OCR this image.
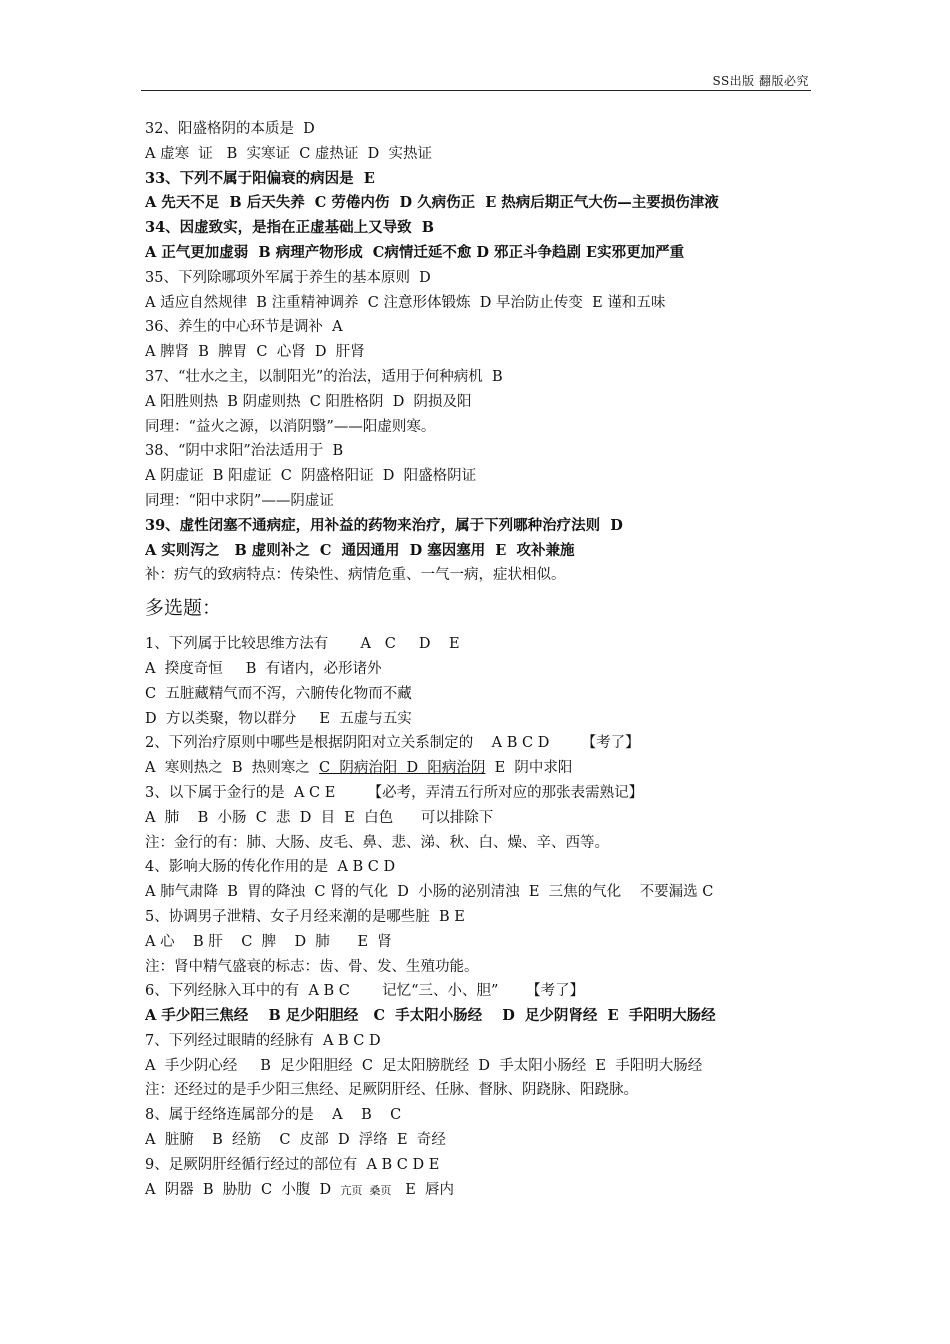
SS出版 翻版必究
32、阳盛格阴的本质是  D
A 虚寒  证   B  实寒证  C 虚热证  D  实热证
33、下列不属于阳偏衰的病因是  E
A 先天不足  B 后天失养  C 劳倦内伤  D 久病伤正  E 热病后期正气大伤—主要损伤津液
34、因虚致实，是指在正虚基础上又导致  B
A 正气更加虚弱  B 病理产物形成  C病情迁延不愈 D 邪正斗争趋剧 E实邪更加严重
35、下列除哪项外军属于养生的基本原则  D
A 适应自然规律  B 注重精神调养  C 注意形体锻炼  D 早治防止传变  E 谨和五味
36、养生的中心环节是调补  A
A 脾肾  B  脾胃  C  心肾  D  肝肾
37、“壮水之主，以制阳光”的治法，适用于何种病机  B
A 阳胜则热  B 阴虚则热  C 阳胜格阴  D  阴损及阳
同理：“益火之源，以消阴翳”——阳虚则寒。
38、“阴中求阳”治法适用于  B
A 阴虚证  B 阳虚证  C  阴盛格阳证  D  阳盛格阴证
同理：“阳中求阴”——阴虚证
39、虚性闭塞不通病症，用补益的药物来治疗，属于下列哪种治疗法则  D
A 实则泻之   B 虚则补之  C  通因通用  D 塞因塞用  E  攻补兼施
补：疠气的致病特点：传染性、病情危重、一气一病，症状相似。
多选题：
1、下列属于比较思维方法有       A   C     D    E
A  揆度奇恒     B  有诸内，必形诸外
C  五脏藏精气而不泻，六腑传化物而不藏
D  方以类聚，物以群分     E  五虚与五实
2、下列治疗原则中哪些是根据阴阳对立关系制定的    A B C D       【考了】
A  寒则热之  B  热则寒之  C  阴病治阳  D  阳病治阴  E  阴中求阳
3、以下属于金行的是  A C E       【必考，弄清五行所对应的那张表需熟记】
A  肺    B  小肠  C  悲  D  目  E  白色      可以排除下
注：金行的有：肺、大肠、皮毛、鼻、悲、涕、秋、白、燥、辛、西等。
4、影响大肠的传化作用的是  A B C D
A 肺气肃降  B  胃的降浊  C 肾的气化  D  小肠的泌别清浊  E  三焦的气化    不要漏选 C
5、协调男子泄精、女子月经来潮的是哪些脏  B E
A 心    B 肝    C  脾    D  肺      E  肾
注：肾中精气盛衰的标志：齿、骨、发、生殖功能。
6、下列经脉入耳中的有  A B C       记忆“三、小、胆”      【考了】
A 手少阳三焦经    B 足少阳胆经   C  手太阳小肠经    D  足少阴肾经  E  手阳明大肠经
7、下列经过眼睛的经脉有  A B C D
A  手少阴心经     B  足少阳胆经  C  足太阳膀胱经  D  手太阳小肠经  E  手阳明大肠经
注：还经过的是手少阳三焦经、足厥阴肝经、任脉、督脉、阴跷脉、阳跷脉。
8、属于经络连属部分的是    A    B    C
A  脏腑    B  经筋    C  皮部  D  浮络  E  奇经
9、足厥阴肝经循行经过的部位有  A B C D E
A  阴器  B  胁肋  C  小腹  D  亢页  桑页   E  唇内
